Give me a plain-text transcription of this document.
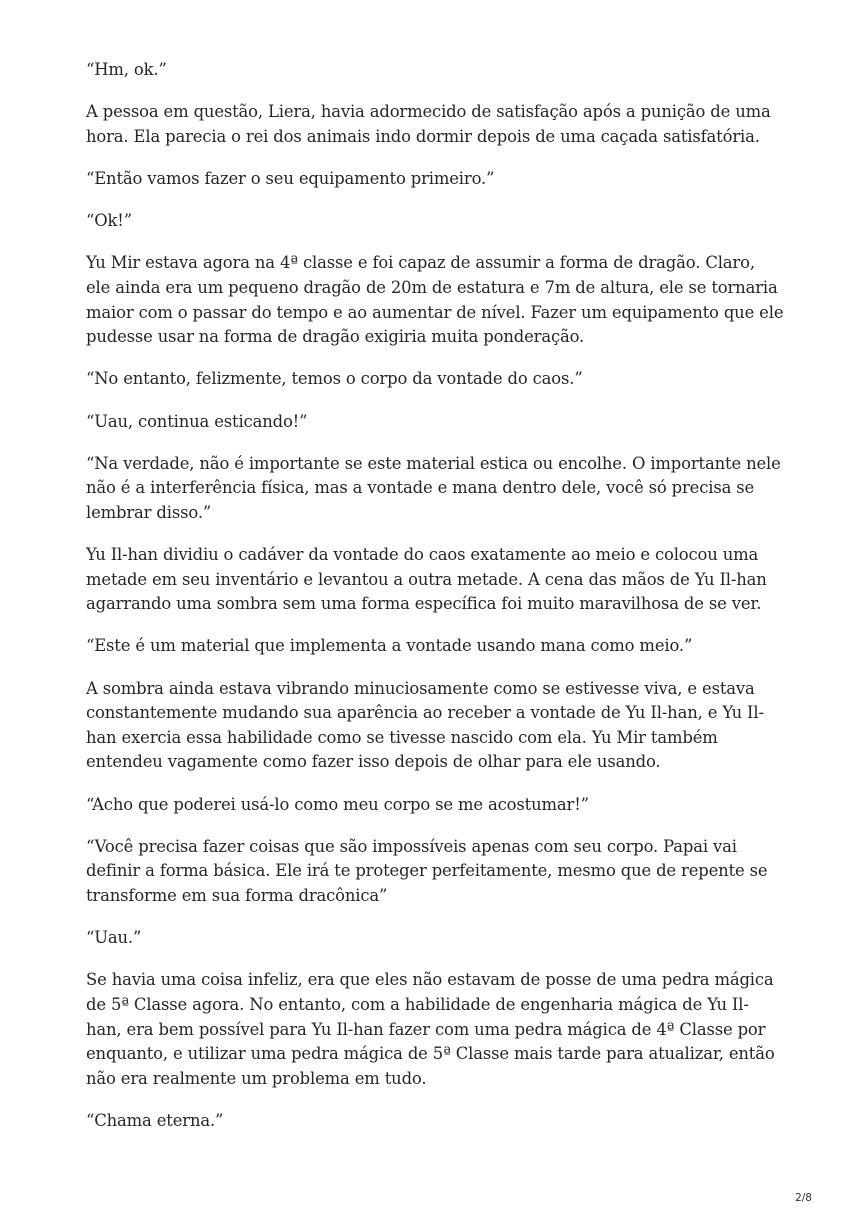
“Hm, ok.”

A pessoa em questão, Liera, havia adormecido de satisfação após a punição de uma hora. Ela parecia o rei dos animais indo dormir depois de uma caçada satisfatória.

“Então vamos fazer o seu equipamento primeiro.”

“Ok!”

Yu Mir estava agora na 4ª classe e foi capaz de assumir a forma de dragão. Claro, ele ainda era um pequeno dragão de 20m de estatura e 7m de altura, ele se tornaria maior com o passar do tempo e ao aumentar de nível. Fazer um equipamento que ele pudesse usar na forma de dragão exigiria muita ponderação.

“No entanto, felizmente, temos o corpo da vontade do caos.”

“Uau, continua esticando!”

“Na verdade, não é importante se este material estica ou encolhe. O importante nele não é a interferência física, mas a vontade e mana dentro dele, você só precisa se lembrar disso.”

Yu Il-han dividiu o cadáver da vontade do caos exatamente ao meio e colocou uma metade em seu inventário e levantou a outra metade. A cena das mãos de Yu Il-han agarrando uma sombra sem uma forma específica foi muito maravilhosa de se ver.

“Este é um material que implementa a vontade usando mana como meio.”

A sombra ainda estava vibrando minuciosamente como se estivesse viva, e estava constantemente mudando sua aparência ao receber a vontade de Yu Il-han, e Yu Il-han exercia essa habilidade como se tivesse nascido com ela. Yu Mir também entendeu vagamente como fazer isso depois de olhar para ele usando.

“Acho que poderei usá-lo como meu corpo se me acostumar!”

“Você precisa fazer coisas que são impossíveis apenas com seu corpo. Papai vai definir a forma básica. Ele irá te proteger perfeitamente, mesmo que de repente se transforme em sua forma dracônica”

“Uau.”

Se havia uma coisa infeliz, era que eles não estavam de posse de uma pedra mágica de 5ª Classe agora. No entanto, com a habilidade de engenharia mágica de Yu Il-han, era bem possível para Yu Il-han fazer com uma pedra mágica de 4ª Classe por enquanto, e utilizar uma pedra mágica de 5ª Classe mais tarde para atualizar, então não era realmente um problema em tudo.

“Chama eterna.”

2/8
